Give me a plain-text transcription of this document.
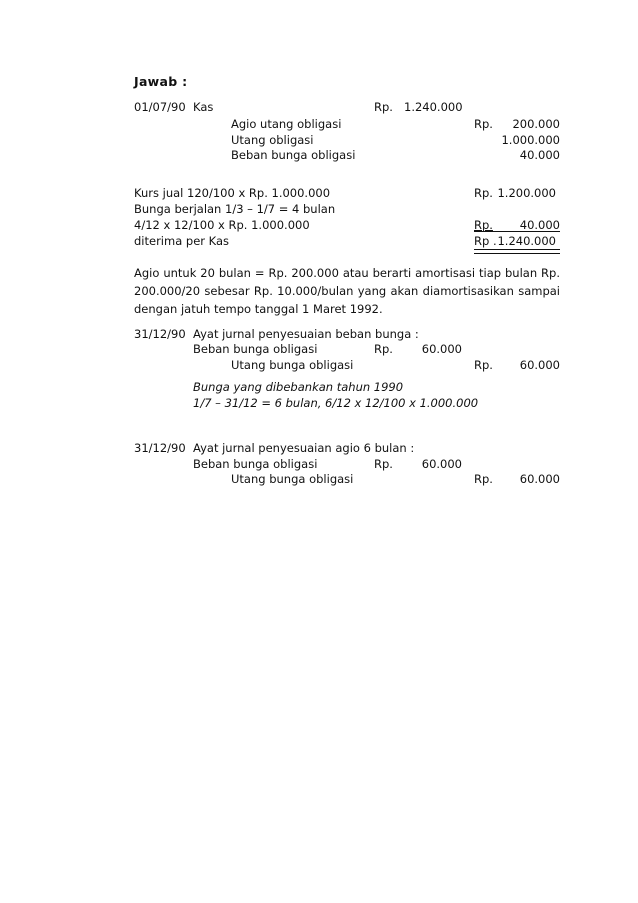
Jawab :
01/07/90 Kas	Rp. 1.240.000
Agio utang obligasi	Rp.	200.000
Utang obligasi	1.000.000
Beban bunga obligasi	40.000
Kurs jual 120/100 x Rp. 1.000.000	Rp. 1.200.000
Bunga berjalan 1/3 – 1/7 = 4 bulan
4/12 x 12/100 x Rp. 1.000.000	Rp. 40.000
diterima per Kas	Rp . 1.240.000
Agio untuk 20 bulan = Rp. 200.000 atau berarti amortisasi tiap bulan Rp. 200.000/20 sebesar Rp. 10.000/bulan yang akan diamortisasikan sampai dengan jatuh tempo tanggal 1 Maret 1992.
31/12/90 Ayat jurnal penyesuaian beban bunga :
Beban bunga obligasi	Rp.	60.000
Utang bunga obligasi	Rp.	60.000
Bunga yang dibebankan tahun 1990
1/7 – 31/12 = 6 bulan, 6/12 x 12/100 x 1.000.000
31/12/90 Ayat jurnal penyesuaian agio 6 bulan :
Beban bunga obligasi	Rp.	60.000
Utang bunga obligasi	Rp.	60.000
